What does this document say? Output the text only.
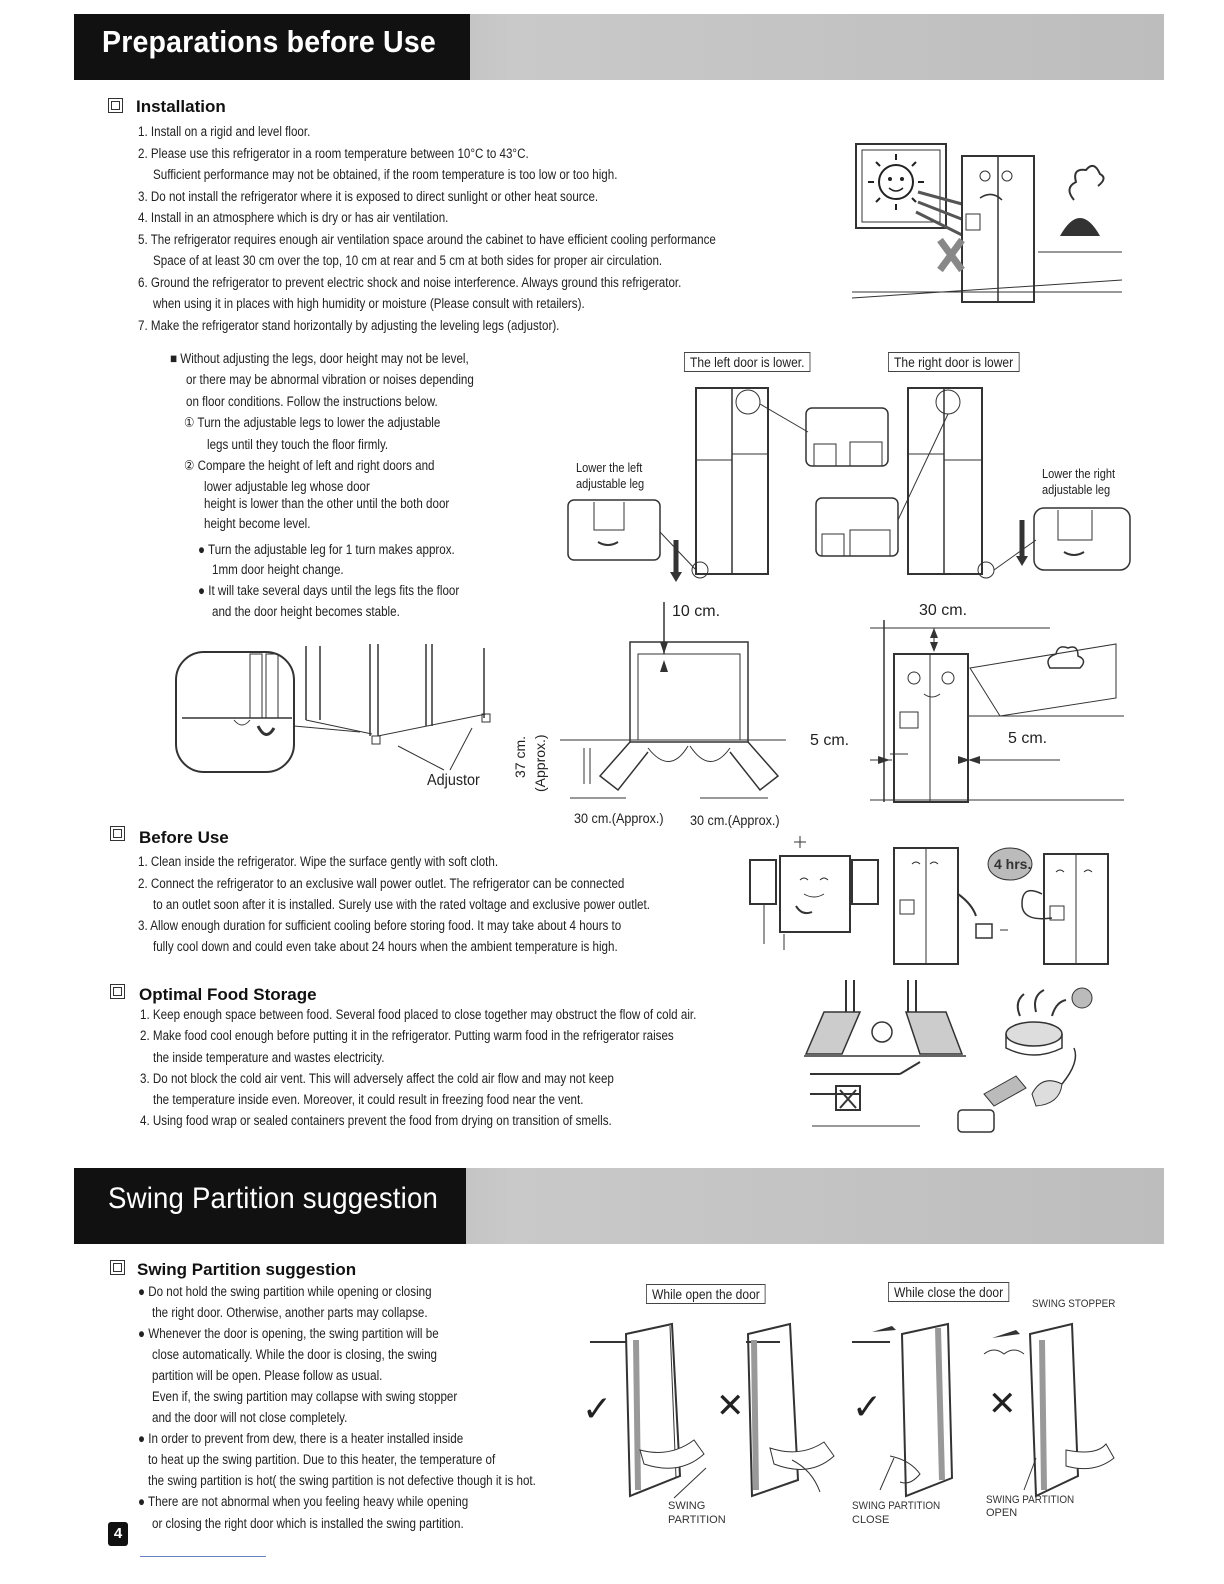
Preparations before Use
Installation
1. Install on a rigid and level floor.
2. Please use this refrigerator in a room temperature between 10°C to 43°C.
Sufficient performance may not be obtained, if the room temperature is too low or too high.
3. Do not install the refrigerator where it is exposed to direct sunlight or other heat source.
4. Install in an atmosphere which is dry or has air ventilation.
5. The refrigerator requires enough air ventilation space around the cabinet to have efficient cooling performance
Space of at least 30 cm over the top, 10 cm at rear and 5 cm at both sides for proper air circulation.
6. Ground the refrigerator to prevent electric shock and noise interference. Always ground this refrigerator.
when using it in places with high humidity or moisture (Please consult with retailers).
7. Make the refrigerator stand horizontally by adjusting the leveling legs (adjustor).
■ Without adjusting the legs, door height may not be level,
or there may be abnormal vibration or noises depending
on floor conditions. Follow the instructions below.
① Turn the adjustable legs to lower the adjustable
legs until they touch the floor firmly.
② Compare the height of left and right doors and
lower adjustable leg whose door
height is lower than the other until the both door
height become level.
● Turn the adjustable leg for 1 turn makes approx.
1mm door height change.
● It will take several days until the legs fits the floor
and the door height becomes stable.
The left door is lower.	The right door is lower
Lower the left
adjustable leg
Lower the right
adjustable leg
Adjustor
10 cm.
37 cm. (Approx.)
30 cm.(Approx.) 30 cm.(Approx.)
30 cm.
5 cm.	5 cm.
Before Use
1. Clean inside the refrigerator. Wipe the surface gently with soft cloth.
2. Connect the refrigerator to an exclusive wall power outlet. The refrigerator can be connected
to an outlet soon after it is installed. Surely use with the rated voltage and exclusive power outlet.
3. Allow enough duration for sufficient cooling before storing food. It may take about 4 hours to
fully cool down and could even take about 24 hours when the ambient temperature is high.
4 hrs.
Optimal Food Storage
1. Keep enough space between food. Several food placed to close together may obstruct the flow of cold air.
2. Make food cool enough before putting it in the refrigerator. Putting warm food in the refrigerator raises
the inside temperature and wastes electricity.
3. Do not block the cold air vent. This will adversely affect the cold air flow and may not keep
the temperature inside even. Moreover, it could result in freezing food near the vent.
4. Using food wrap or sealed containers prevent the food from drying on transition of smells.
Swing Partition suggestion
Swing Partition suggestion
● Do not hold the swing partition while opening or closing
the right door. Otherwise, another parts may collapse.
● Whenever the door is opening, the swing partition will be
close automatically. While the door is closing, the swing
partition will be open. Please follow as usual.
Even if, the swing partition may collapse with swing stopper
and the door will not close completely.
● In order to prevent from dew, there is a heater installed inside
to heat up the swing partition. Due to this heater, the temperature of
the swing partition is hot( the swing partition is not defective though it is hot.
● There are not abnormal when you feeling heavy while opening
or closing the right door which is installed the swing partition.
While open the door	While close the door
SWING STOPPER
✓	✕	✓	✕
SWING
PARTITION
SWING PARTITION
CLOSE
SWING PARTITION
OPEN
4
